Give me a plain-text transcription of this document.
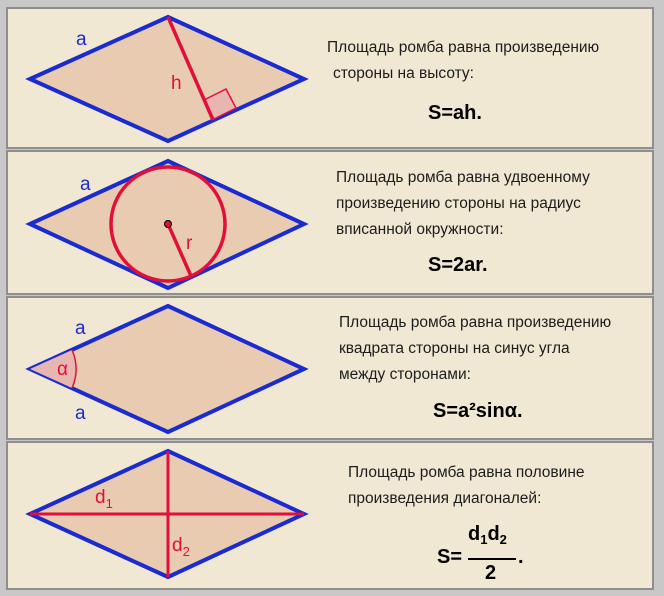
a
h

Площадь ромба равна произведению

стороны на высоту:

S=ah.

a
r

Площадь ромба равна удвоенному

произведению стороны на радиус

вписанной окружности:

S=2ar.

a
a
α

Площадь ромба равна произведению

квадрата стороны на синус угла

между сторонами:

S=a²sinα.

$d_1$
$d_2$

Площадь ромба равна половине

произведения диагоналей:

S=
$d_1d_2$
2
.
